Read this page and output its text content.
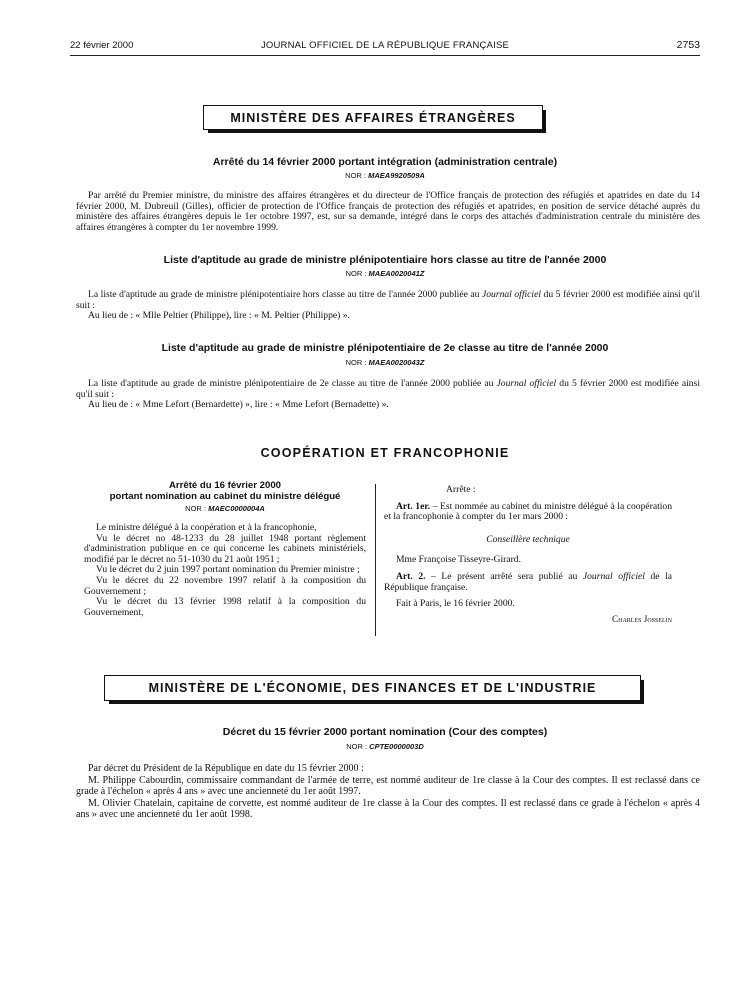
22 février 2000	JOURNAL OFFICIEL DE LA RÉPUBLIQUE FRANÇAISE	2753
MINISTÈRE DES AFFAIRES ÉTRANGÈRES
Arrêté du 14 février 2000 portant intégration (administration centrale)
NOR : MAEA9920509A

Par arrêté du Premier ministre, du ministre des affaires étrangères et du directeur de l'Office français de protection des réfugiés et apatrides en date du 14 février 2000, M. Dubreuil (Gilles), officier de protection de l'Office français de protection des réfugiés et apatrides, en position de service détaché auprès du ministère des affaires étrangères depuis le 1er octobre 1997, est, sur sa demande, intégré dans le corps des attachés d'administration centrale du ministère des affaires étrangères à compter du 1er novembre 1999.

Liste d'aptitude au grade de ministre plénipotentiaire hors classe au titre de l'année 2000
NOR : MAEA0020041Z

La liste d'aptitude au grade de ministre plénipotentiaire hors classe au titre de l'année 2000 publiée au Journal officiel du 5 février 2000 est modifiée ainsi qu'il suit :

Au lieu de : « Mlle Peltier (Philippe), lire : « M. Peltier (Philippe) ».

Liste d'aptitude au grade de ministre plénipotentiaire de 2e classe au titre de l'année 2000
NOR : MAEA0020043Z

La liste d'aptitude au grade de ministre plénipotentiaire de 2e classe au titre de l'année 2000 publiée au Journal officiel du 5 février 2000 est modifiée ainsi qu'il suit :

Au lieu de : « Mme Lefort (Bernardette) », lire : « Mme Lefort (Bernadette) ».

COOPÉRATION ET FRANCOPHONIE
Arrêté du 16 février 2000
portant nomination au cabinet du ministre délégué
NOR : MAEC0000004A

Le ministre délégué à la coopération et à la francophonie,

Vu le décret no 48-1233 du 28 juillet 1948 portant règlement d'administration publique en ce qui concerne les cabinets ministériels, modifié par le décret no 51-1030 du 21 août 1951 ;

Vu le décret du 2 juin 1997 portant nomination du Premier ministre ;

Vu le décret du 22 novembre 1997 relatif à la composition du Gouvernement ;

Vu le décret du 13 février 1998 relatif à la composition du Gouvernement,

Arrête :

Art. 1er. – Est nommée au cabinet du ministre délégué à la coopération et la francophonie à compter du 1er mars 2000 :

Conseillère technique

Mme Françoise Tisseyre-Girard.

Art. 2. – Le présent arrêté sera publié au Journal officiel de la République française.

Fait à Paris, le 16 février 2000.

Charles Josselin
MINISTÈRE DE L'ÉCONOMIE, DES FINANCES ET DE L'INDUSTRIE
Décret du 15 février 2000 portant nomination (Cour des comptes)
NOR : CPTE0000003D

Par décret du Président de la République en date du 15 février 2000 :

M. Philippe Cabourdin, commissaire commandant de l'armée de terre, est nommé auditeur de 1re classe à la Cour des comptes. Il est reclassé dans ce grade à l'échelon « après 4 ans » avec une ancienneté du 1er août 1997.

M. Olivier Chatelain, capitaine de corvette, est nommé auditeur de 1re classe à la Cour des comptes. Il est reclassé dans ce grade à l'échelon « après 4 ans » avec une ancienneté du 1er août 1998.
